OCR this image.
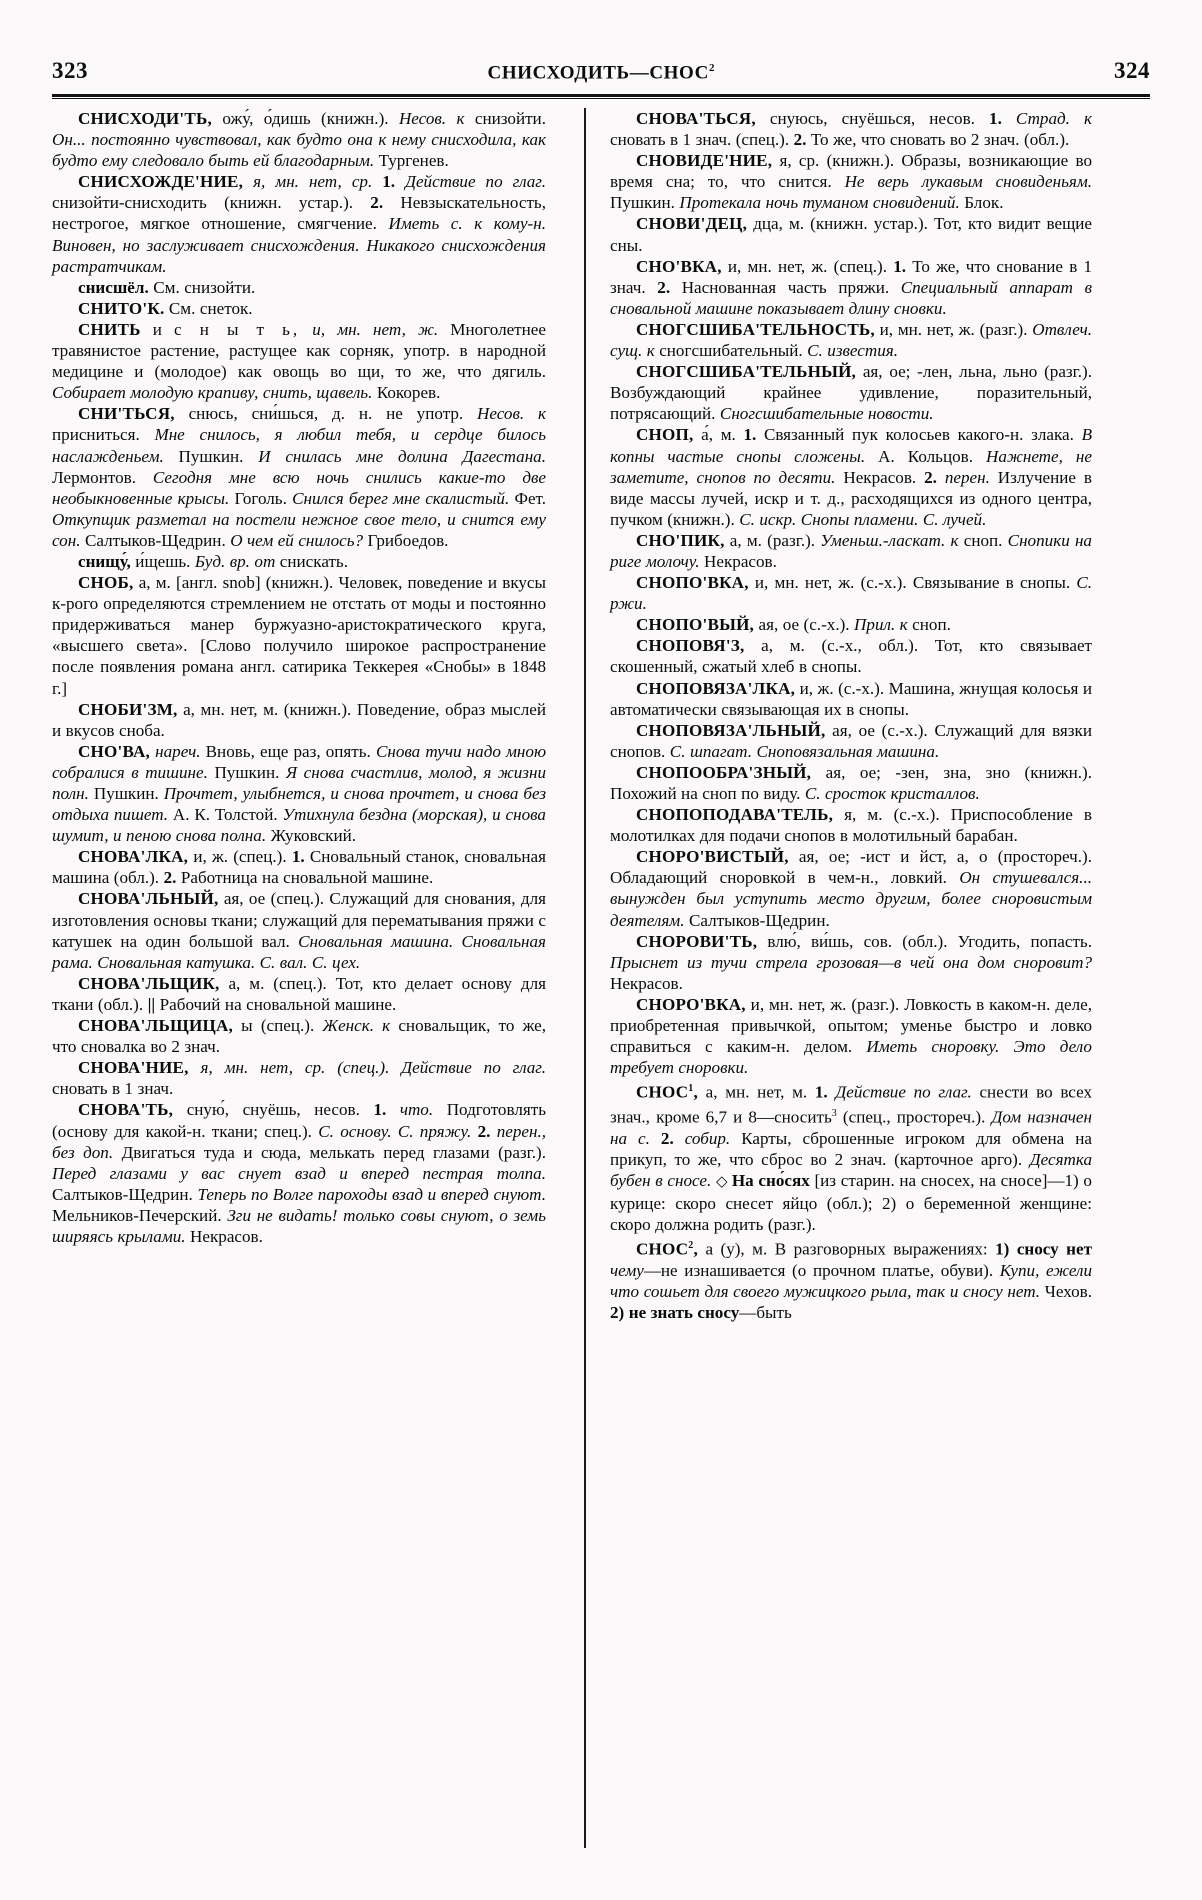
323	СНИСХОДИТЬ—СНОС$^2$	324

СНИСХОДИ'ТЬ, ожу́, о́дишь (книжн.). Несов. к снизойти. Он... постоянно чувствовал, как будто она к нему снисходила, как будто ему следовало быть ей благодарным. Тургенев.

СНИСХОЖДЕ'НИЕ, я, мн. нет, ср. 1. Действие по глаг. снизойти-снисходить (книжн. устар.). 2. Невзыскательность, нестрогое, мягкое отношение, смягчение. Иметь с. к кому-н. Виновен, но заслуживает снисхождения. Никакого снисхождения растратчикам.

снисшёл. См. снизойти.

СНИТО'К. См. снеток.

СНИТЬ и с н ы т ь, и, мн. нет, ж. Многолетнее травянистое растение, растущее как сорняк, употр. в народной медицине и (молодое) как овощь во щи, то же, что дягиль. Собирает молодую крапиву, снить, щавель. Кокорев.

СНИ'ТЬСЯ, снюсь, сни́шься, д. н. не употр. Несов. к присниться. Мне снилось, я любил тебя, и сердце билось наслажденьем. Пушкин. И снилась мне долина Дагестана. Лермонтов. Сегодня мне всю ночь снились какие-то две необыкновенные крысы. Гоголь. Снился берег мне скалистый. Фет. Откупщик разметал на постели нежное свое тело, и снится ему сон. Салтыков-Щедрин. О чем ей снилось? Грибоедов.

снищу́, и́щешь. Буд. вр. от снискать.

СНОБ, а, м. [англ. snob] (книжн.). Человек, поведение и вкусы к-рого определяются стремлением не отстать от моды и постоянно придерживаться манер буржуазно-аристократического круга, «высшего света». [Слово получило широкое распространение после появления романа англ. сатирика Теккерея «Снобы» в 1848 г.]

СНОБИ'ЗМ, а, мн. нет, м. (книжн.). Поведение, образ мыслей и вкусов сноба.

СНО'ВА, нареч. Вновь, еще раз, опять. Снова тучи надо мною собралися в тишине. Пушкин. Я снова счастлив, молод, я жизни полн. Пушкин. Прочтет, улыбнется, и снова прочтет, и снова без отдыха пишет. А. К. Толстой. Утихнула бездна (морская), и снова шумит, и пеною снова полна. Жуковский.

СНОВА'ЛКА, и, ж. (спец.). 1. Сновальный станок, сновальная машина (обл.). 2. Работница на сновальной машине.

СНОВА'ЛЬНЫЙ, ая, ое (спец.). Служащий для снования, для изготовления основы ткани; служащий для перематывания пряжи с катушек на один большой вал. Сновальная машина. Сновальная рама. Сновальная катушка. С. вал. С. цех.

СНОВА'ЛЬЩИК, а, м. (спец.). Тот, кто делает основу для ткани (обл.). || Рабочий на сновальной машине.

СНОВА'ЛЬЩИЦА, ы (спец.). Женск. к сновальщик, то же, что сновалка во 2 знач.

СНОВА'НИЕ, я, мн. нет, ср. (спец.). Действие по глаг. сновать в 1 знач.

СНОВА'ТЬ, сную́, снуёшь, несов. 1. что. Подготовлять (основу для какой-н. ткани; спец.). С. основу. С. пряжу. 2. перен., без доп. Двигаться туда и сюда, мелькать перед глазами (разг.). Перед глазами у вас снует взад и вперед пестрая толпа. Салтыков-Щедрин. Теперь по Волге пароходы взад и вперед снуют. Мельников-Печерский. Зги не видать! только совы снуют, о земь ширяясь крылами. Некрасов.

СНОВА'ТЬСЯ, снуюсь, снуёшься, несов. 1. Страд. к сновать в 1 знач. (спец.). 2. То же, что сновать во 2 знач. (обл.).

СНОВИДЕ'НИЕ, я, ср. (книжн.). Образы, возникающие во время сна; то, что снится. Не верь лукавым сновиденьям. Пушкин. Протекала ночь туманом сновидений. Блок.

СНОВИ'ДЕЦ, дца, м. (книжн. устар.). Тот, кто видит вещие сны.

СНО'ВКА, и, мн. нет, ж. (спец.). 1. То же, что снование в 1 знач. 2. Наснованная часть пряжи. Специальный аппарат в сновальной машине показывает длину сновки.

СНОГСШИБА'ТЕЛЬНОСТЬ, и, мн. нет, ж. (разг.). Отвлеч. сущ. к сногсшибательный. С. известия.

СНОГСШИБА'ТЕЛЬНЫЙ, ая, ое; -лен, льна, льно (разг.). Возбуждающий крайнее удивление, поразительный, потрясающий. Сногсшибательные новости.

СНОП, а́, м. 1. Связанный пук колосьев какого-н. злака. В копны частые снопы сложены. А. Кольцов. Нажнете, не заметите, снопов по десяти. Некрасов. 2. перен. Излучение в виде массы лучей, искр и т. д., расходящихся из одного центра, пучком (книжн.). С. искр. Снопы пламени. С. лучей.

СНО'ПИК, а, м. (разг.). Уменьш.-ласкат. к сноп. Снопики на риге молочу. Некрасов.

СНОПО'ВКА, и, мн. нет, ж. (с.-х.). Связывание в снопы. С. ржи.

СНОПО'ВЫЙ, ая, ое (с.-х.). Прил. к сноп.

СНОПОВЯ'З, а, м. (с.-х., обл.). Тот, кто связывает скошенный, сжатый хлеб в снопы.

СНОПОВЯЗА'ЛКА, и, ж. (с.-х.). Машина, жнущая колосья и автоматически связывающая их в снопы.

СНОПОВЯЗА'ЛЬНЫЙ, ая, ое (с.-х.). Служащий для вязки снопов. С. шпагат. Сноповязальная машина.

СНОПООБРА'ЗНЫЙ, ая, ое; -зен, зна, зно (книжн.). Похожий на сноп по виду. С. сросток кристаллов.

СНОПОПОДАВА'ТЕЛЬ, я, м. (с.-х.). Приспособление в молотилках для подачи снопов в молотильный барабан.

СНОРО'ВИСТЫЙ, ая, ое; -ист и йст, а, о (простореч.). Обладающий сноровкой в чем-н., ловкий. Он стушевался... вынужден был уступить место другим, более сноровистым деятелям. Салтыков-Щедрин.

СНОРОВИ'ТЬ, влю́, ви́шь, сов. (обл.). Угодить, попасть. Прыснет из тучи стрела грозовая—в чей она дом сноровит? Некрасов.

СНОРО'ВКА, и, мн. нет, ж. (разг.). Ловкость в каком-н. деле, приобретенная привычкой, опытом; уменье быстро и ловко справиться с каким-н. делом. Иметь сноровку. Это дело требует сноровки.

СНОС$^1$, а, мн. нет, м. 1. Действие по глаг. снести во всех знач., кроме 6,7 и 8—сносить$^3$ (спец., простореч.). Дом назначен на с. 2. собир. Карты, сброшенные игроком для обмена на прикуп, то же, что сброс во 2 знач. (карточное арго). Десятка бубен в сносе. ◇ На сно́сях [из старин. на сносех, на сносе]—1) о курице: скоро снесет яйцо (обл.); 2) о беременной женщине: скоро должна родить (разг.).

СНОС$^2$, а (у), м. В разговорных выражениях: 1) сносу нет чему—не изнашивается (о прочном платье, обуви). Купи, ежели что сошьет для своего мужицкого рыла, так и сносу нет. Чехов. 2) не знать сносу—быть
